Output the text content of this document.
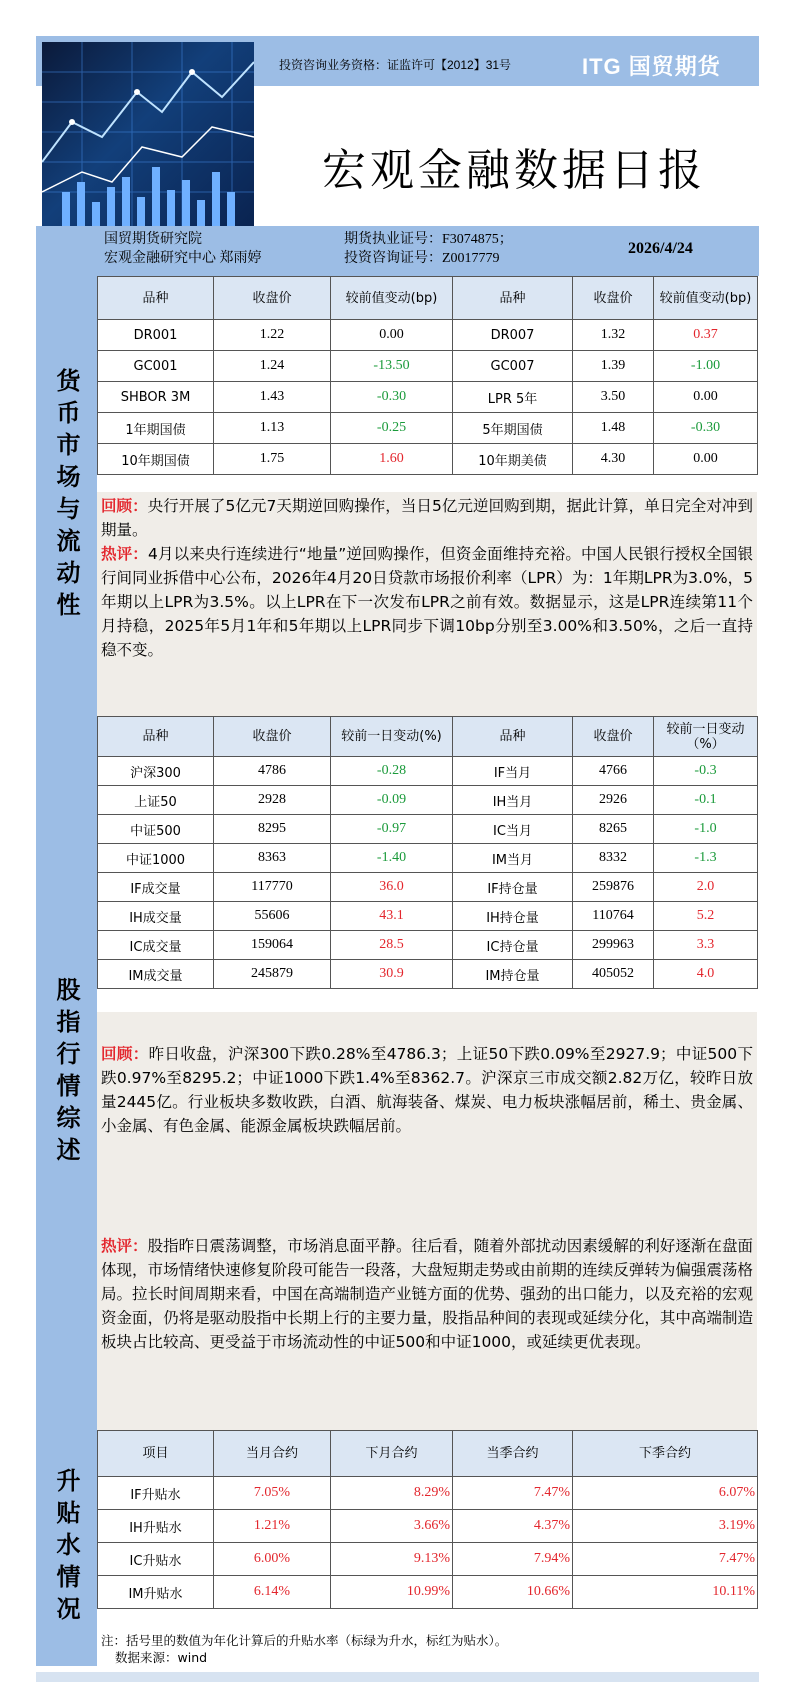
投资咨询业务资格：证监许可【2012】31号	ITG 国贸期货
宏观金融数据日报
国贸期货研究院
宏观金融研究中心 郑雨婷
期货执业证号：F3074875；
投资咨询证号：Z0017779
2026/4/24
货币市场与流动性
股指行情综述
升贴水情况
品种	收盘价	较前值变动(bp)	品种	收盘价	较前值变动(bp)
DR001	1.22	0.00	DR007	1.32	0.37
GC001	1.24	-13.50	GC007	1.39	-1.00
SHBOR 3M	1.43	-0.30	LPR 5年	3.50	0.00
1年期国债	1.13	-0.25	5年期国债	1.48	-0.30
10年期国债	1.75	1.60	10年期美债	4.30	0.00
回顾：央行开展了5亿元7天期逆回购操作，当日5亿元逆回购到期，据此计算，单日完全对冲到期量。
热评：4月以来央行连续进行“地量”逆回购操作，但资金面维持充裕。中国人民银行授权全国银行间同业拆借中心公布，2026年4月20日贷款市场报价利率（LPR）为：1年期LPR为3.0%，5年期以上LPR为3.5%。以上LPR在下一次发布LPR之前有效。数据显示，这是LPR连续第11个月持稳，2025年5月1年和5年期以上LPR同步下调10bp分别至3.00%和3.50%，之后一直持稳不变。
品种	收盘价	较前一日变动(%)	品种	收盘价	较前一日变动（%）
沪深300	4786	-0.28	IF当月	4766	-0.3
上证50	2928	-0.09	IH当月	2926	-0.1
中证500	8295	-0.97	IC当月	8265	-1.0
中证1000	8363	-1.40	IM当月	8332	-1.3
IF成交量	117770	36.0	IF持仓量	259876	2.0
IH成交量	55606	43.1	IH持仓量	110764	5.2
IC成交量	159064	28.5	IC持仓量	299963	3.3
IM成交量	245879	30.9	IM持仓量	405052	4.0
回顾：昨日收盘，沪深300下跌0.28%至4786.3；上证50下跌0.09%至2927.9；中证500下跌0.97%至8295.2；中证1000下跌1.4%至8362.7。沪深京三市成交额2.82万亿，较昨日放量2445亿。行业板块多数收跌，白酒、航海装备、煤炭、电力板块涨幅居前，稀土、贵金属、小金属、有色金属、能源金属板块跌幅居前。
热评：股指昨日震荡调整，市场消息面平静。往后看，随着外部扰动因素缓解的利好逐渐在盘面体现，市场情绪快速修复阶段可能告一段落，大盘短期走势或由前期的连续反弹转为偏强震荡格局。拉长时间周期来看，中国在高端制造产业链方面的优势、强劲的出口能力，以及充裕的宏观资金面，仍将是驱动股指中长期上行的主要力量，股指品种间的表现或延续分化，其中高端制造板块占比较高、更受益于市场流动性的中证500和中证1000，或延续更优表现。
项目	当月合约	下月合约	当季合约	下季合约
IF升贴水	7.05%	8.29%	7.47%	6.07%
IH升贴水	1.21%	3.66%	4.37%	3.19%
IC升贴水	6.00%	9.13%	7.94%	7.47%
IM升贴水	6.14%	10.99%	10.66%	10.11%
注：括号里的数值为年化计算后的升贴水率（标绿为升水，标红为贴水）。
数据来源：wind
